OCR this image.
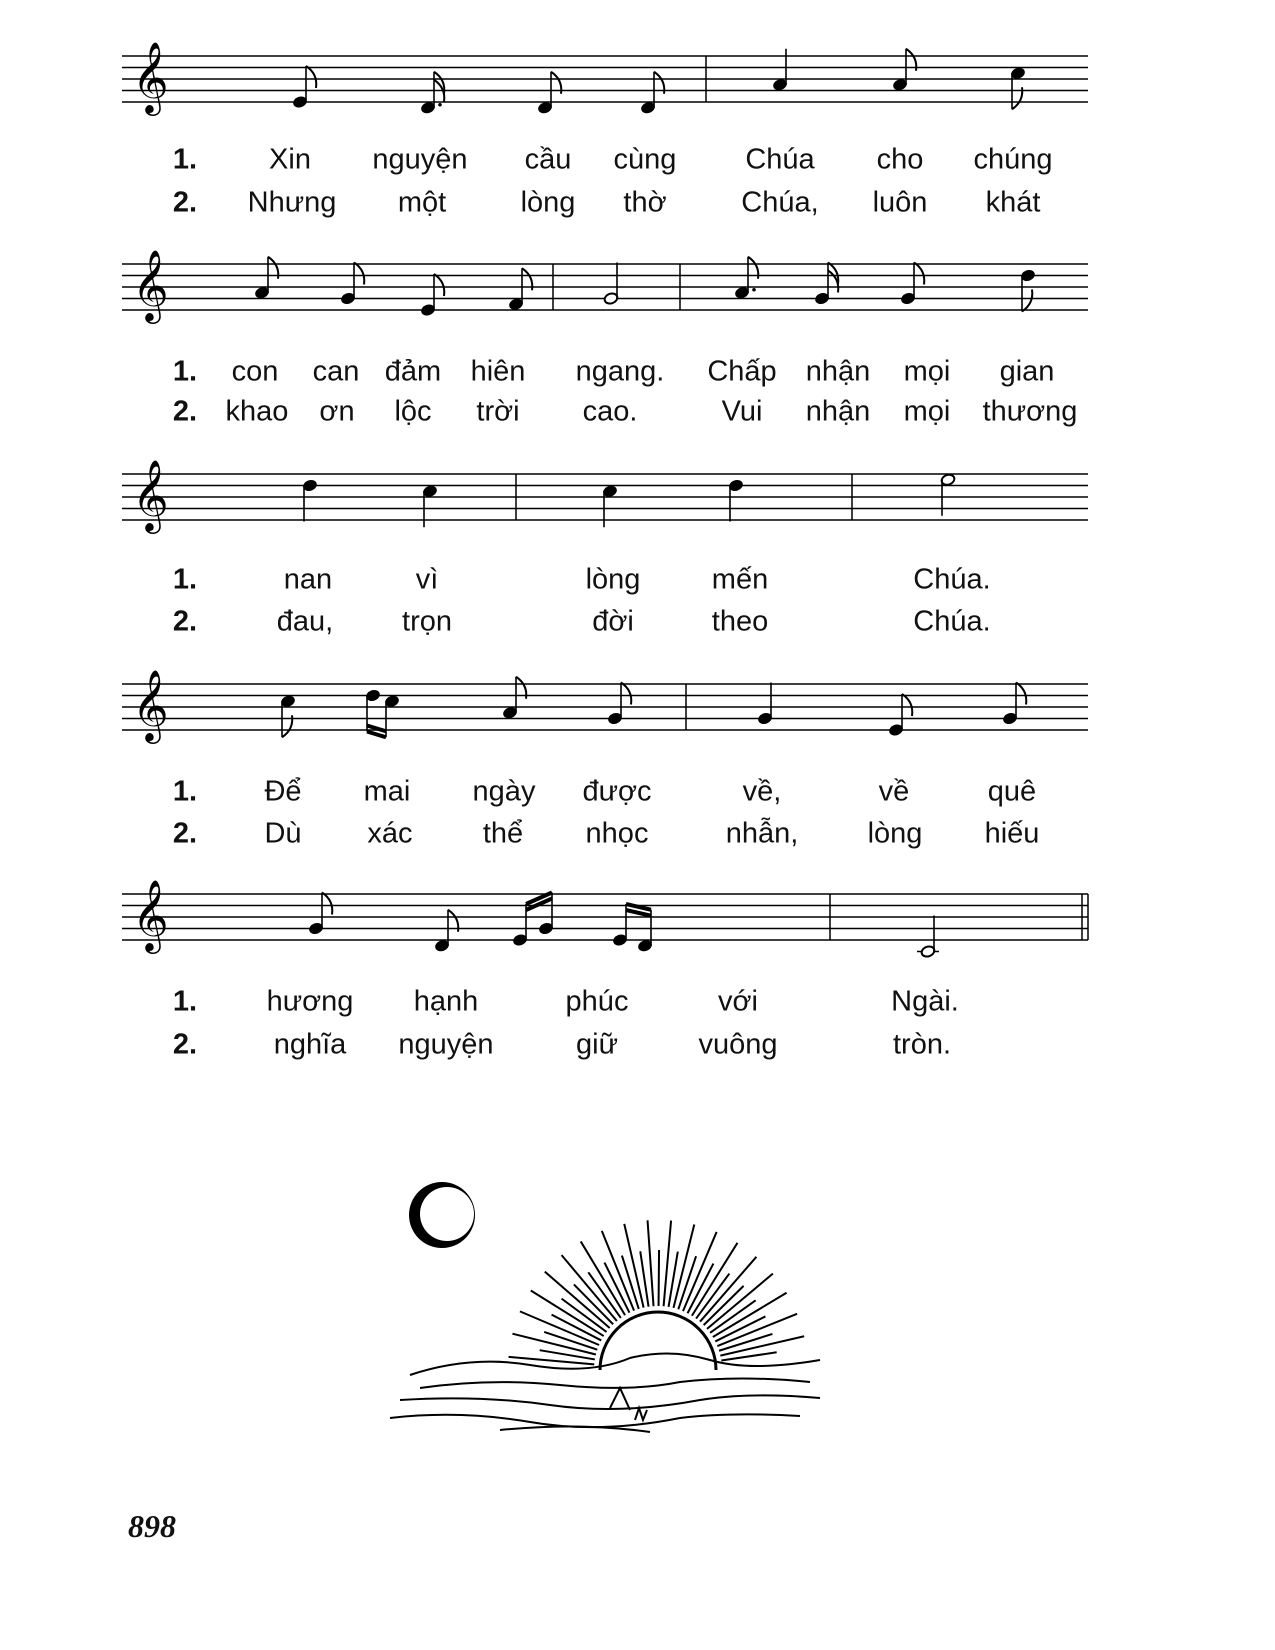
𝄞
𝄞
𝄞
𝄞
𝄞
1. Xin nguyện cầu cùng Chúa cho chúng
2. Nhưng một	lòng thờ	Chúa, luôn khát
1. con can đảm hiên ngang. Chấp nhận mọi gian
2. khao ơn lộc trời cao.	Vui nhận mọi thương
1.	nan	vì	lòng mến	Chúa.
2.	đau, trọn	đời	theo	Chúa.
1. Để mai ngày được	về,	về	quê
2. Dù xác thể nhọc	nhẫn, lòng hiếu
1. hương hạnh	phúc	với	Ngài.
2.	nghĩa nguyện	giữ	vuông	tròn.
898
